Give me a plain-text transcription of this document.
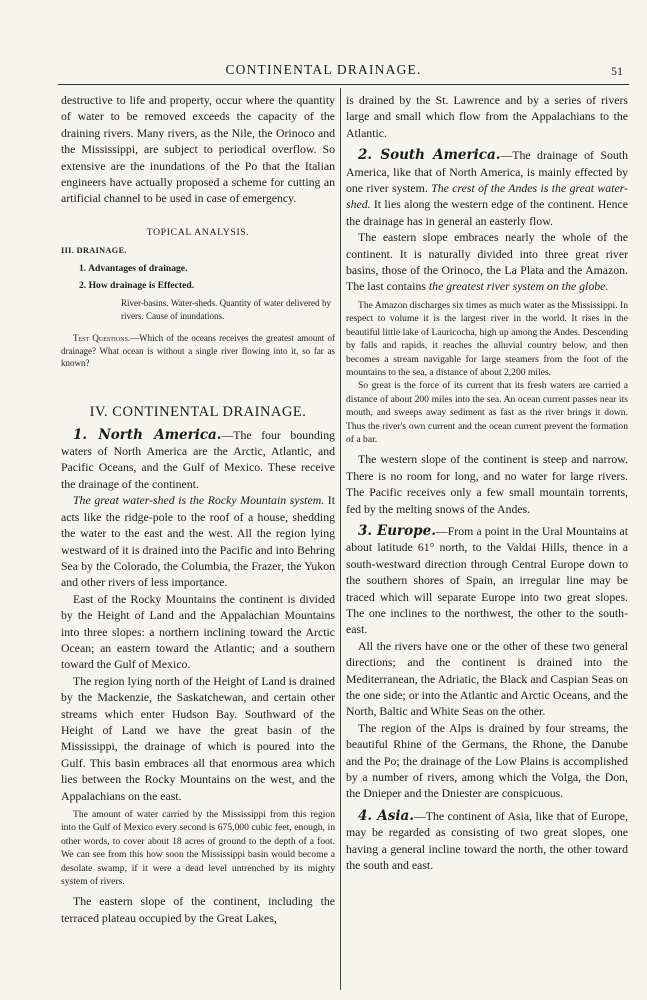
CONTINENTAL DRAINAGE.	51

destructive to life and property, occur where the quantity of water to be removed exceeds the capacity of the draining rivers. Many rivers, as the Nile, the Orinoco and the Mississippi, are subject to periodical overflow. So extensive are the inundations of the Po that the Italian engineers have actually proposed a scheme for cutting an artificial channel to be used in case of emergency.

TOPICAL ANALYSIS.
III. DRAINAGE.
1. Advantages of drainage.
2. How drainage is Effected.
River-basins. Water-sheds. Quantity of water delivered by rivers. Cause of inundations.

Test Questions.—Which of the oceans receives the greatest amount of drainage? What ocean is without a single river flowing into it, so far as known?

IV. CONTINENTAL DRAINAGE.

1. North America.—The four bounding waters of North America are the Arctic, Atlantic, and Pacific Oceans, and the Gulf of Mexico. These receive the drainage of the continent.

The great water-shed is the Rocky Mountain system. It acts like the ridge-pole to the roof of a house, shedding the water to the east and the west. All the region lying westward of it is drained into the Pacific and into Behring Sea by the Colorado, the Columbia, the Frazer, the Yukon and other rivers of less importance.

East of the Rocky Mountains the continent is divided by the Height of Land and the Appalachian Mountains into three slopes: a northern inclining toward the Arctic Ocean; an eastern toward the Atlantic; and a southern toward the Gulf of Mexico.

The region lying north of the Height of Land is drained by the Mackenzie, the Saskatchewan, and certain other streams which enter Hudson Bay. Southward of the Height of Land we have the great basin of the Mississippi, the drainage of which is poured into the Gulf. This basin embraces all that enormous area which lies between the Rocky Mountains on the west, and the Appalachians on the east.

The amount of water carried by the Mississippi from this region into the Gulf of Mexico every second is 675,000 cubic feet, enough, in other words, to cover about 18 acres of ground to the depth of a foot. We can see from this how soon the Mississippi basin would become a desolate swamp, if it were a dead level untrenched by its mighty system of rivers.

The eastern slope of the continent, including the terraced plateau occupied by the Great Lakes,

is drained by the St. Lawrence and by a series of rivers large and small which flow from the Appalachians to the Atlantic.

2. South America.—The drainage of South America, like that of North America, is mainly effected by one river system. The crest of the Andes is the great water-shed. It lies along the western edge of the continent. Hence the drainage has in general an easterly flow.

The eastern slope embraces nearly the whole of the continent. It is naturally divided into three great river basins, those of the Orinoco, the La Plata and the Amazon. The last contains the greatest river system on the globe.

The Amazon discharges six times as much water as the Mississippi. In respect to volume it is the largest river in the world. It rises in the beautiful little lake of Lauricocha, high up among the Andes. Descending by falls and rapids, it reaches the alluvial country below, and then becomes a stream navigable for large steamers from the foot of the mountains to the sea, a distance of about 2,200 miles.

So great is the force of its current that its fresh waters are carried a distance of about 200 miles into the sea. An ocean current passes near its mouth, and sweeps away sediment as fast as the river brings it down. Thus the river's own current and the ocean current prevent the formation of a bar.

The western slope of the continent is steep and narrow. There is no room for long, and no water for large rivers. The Pacific receives only a few small mountain torrents, fed by the melting snows of the Andes.

3. Europe.—From a point in the Ural Mountains at about latitude 61° north, to the Valdai Hills, thence in a south-westward direction through Central Europe down to the southern shores of Spain, an irregular line may be traced which will separate Europe into two great slopes. The one inclines to the northwest, the other to the south-east.

All the rivers have one or the other of these two general directions; and the continent is drained into the Mediterranean, the Adriatic, the Black and Caspian Seas on the one side; or into the Atlantic and Arctic Oceans, and the North, Baltic and White Seas on the other.

The region of the Alps is drained by four streams, the beautiful Rhine of the Germans, the Rhone, the Danube and the Po; the drainage of the Low Plains is accomplished by a number of rivers, among which the Volga, the Don, the Dnieper and the Dniester are conspicuous.

4. Asia.—The continent of Asia, like that of Europe, may be regarded as consisting of two great slopes, one having a general incline toward the north, the other toward the south and east.
